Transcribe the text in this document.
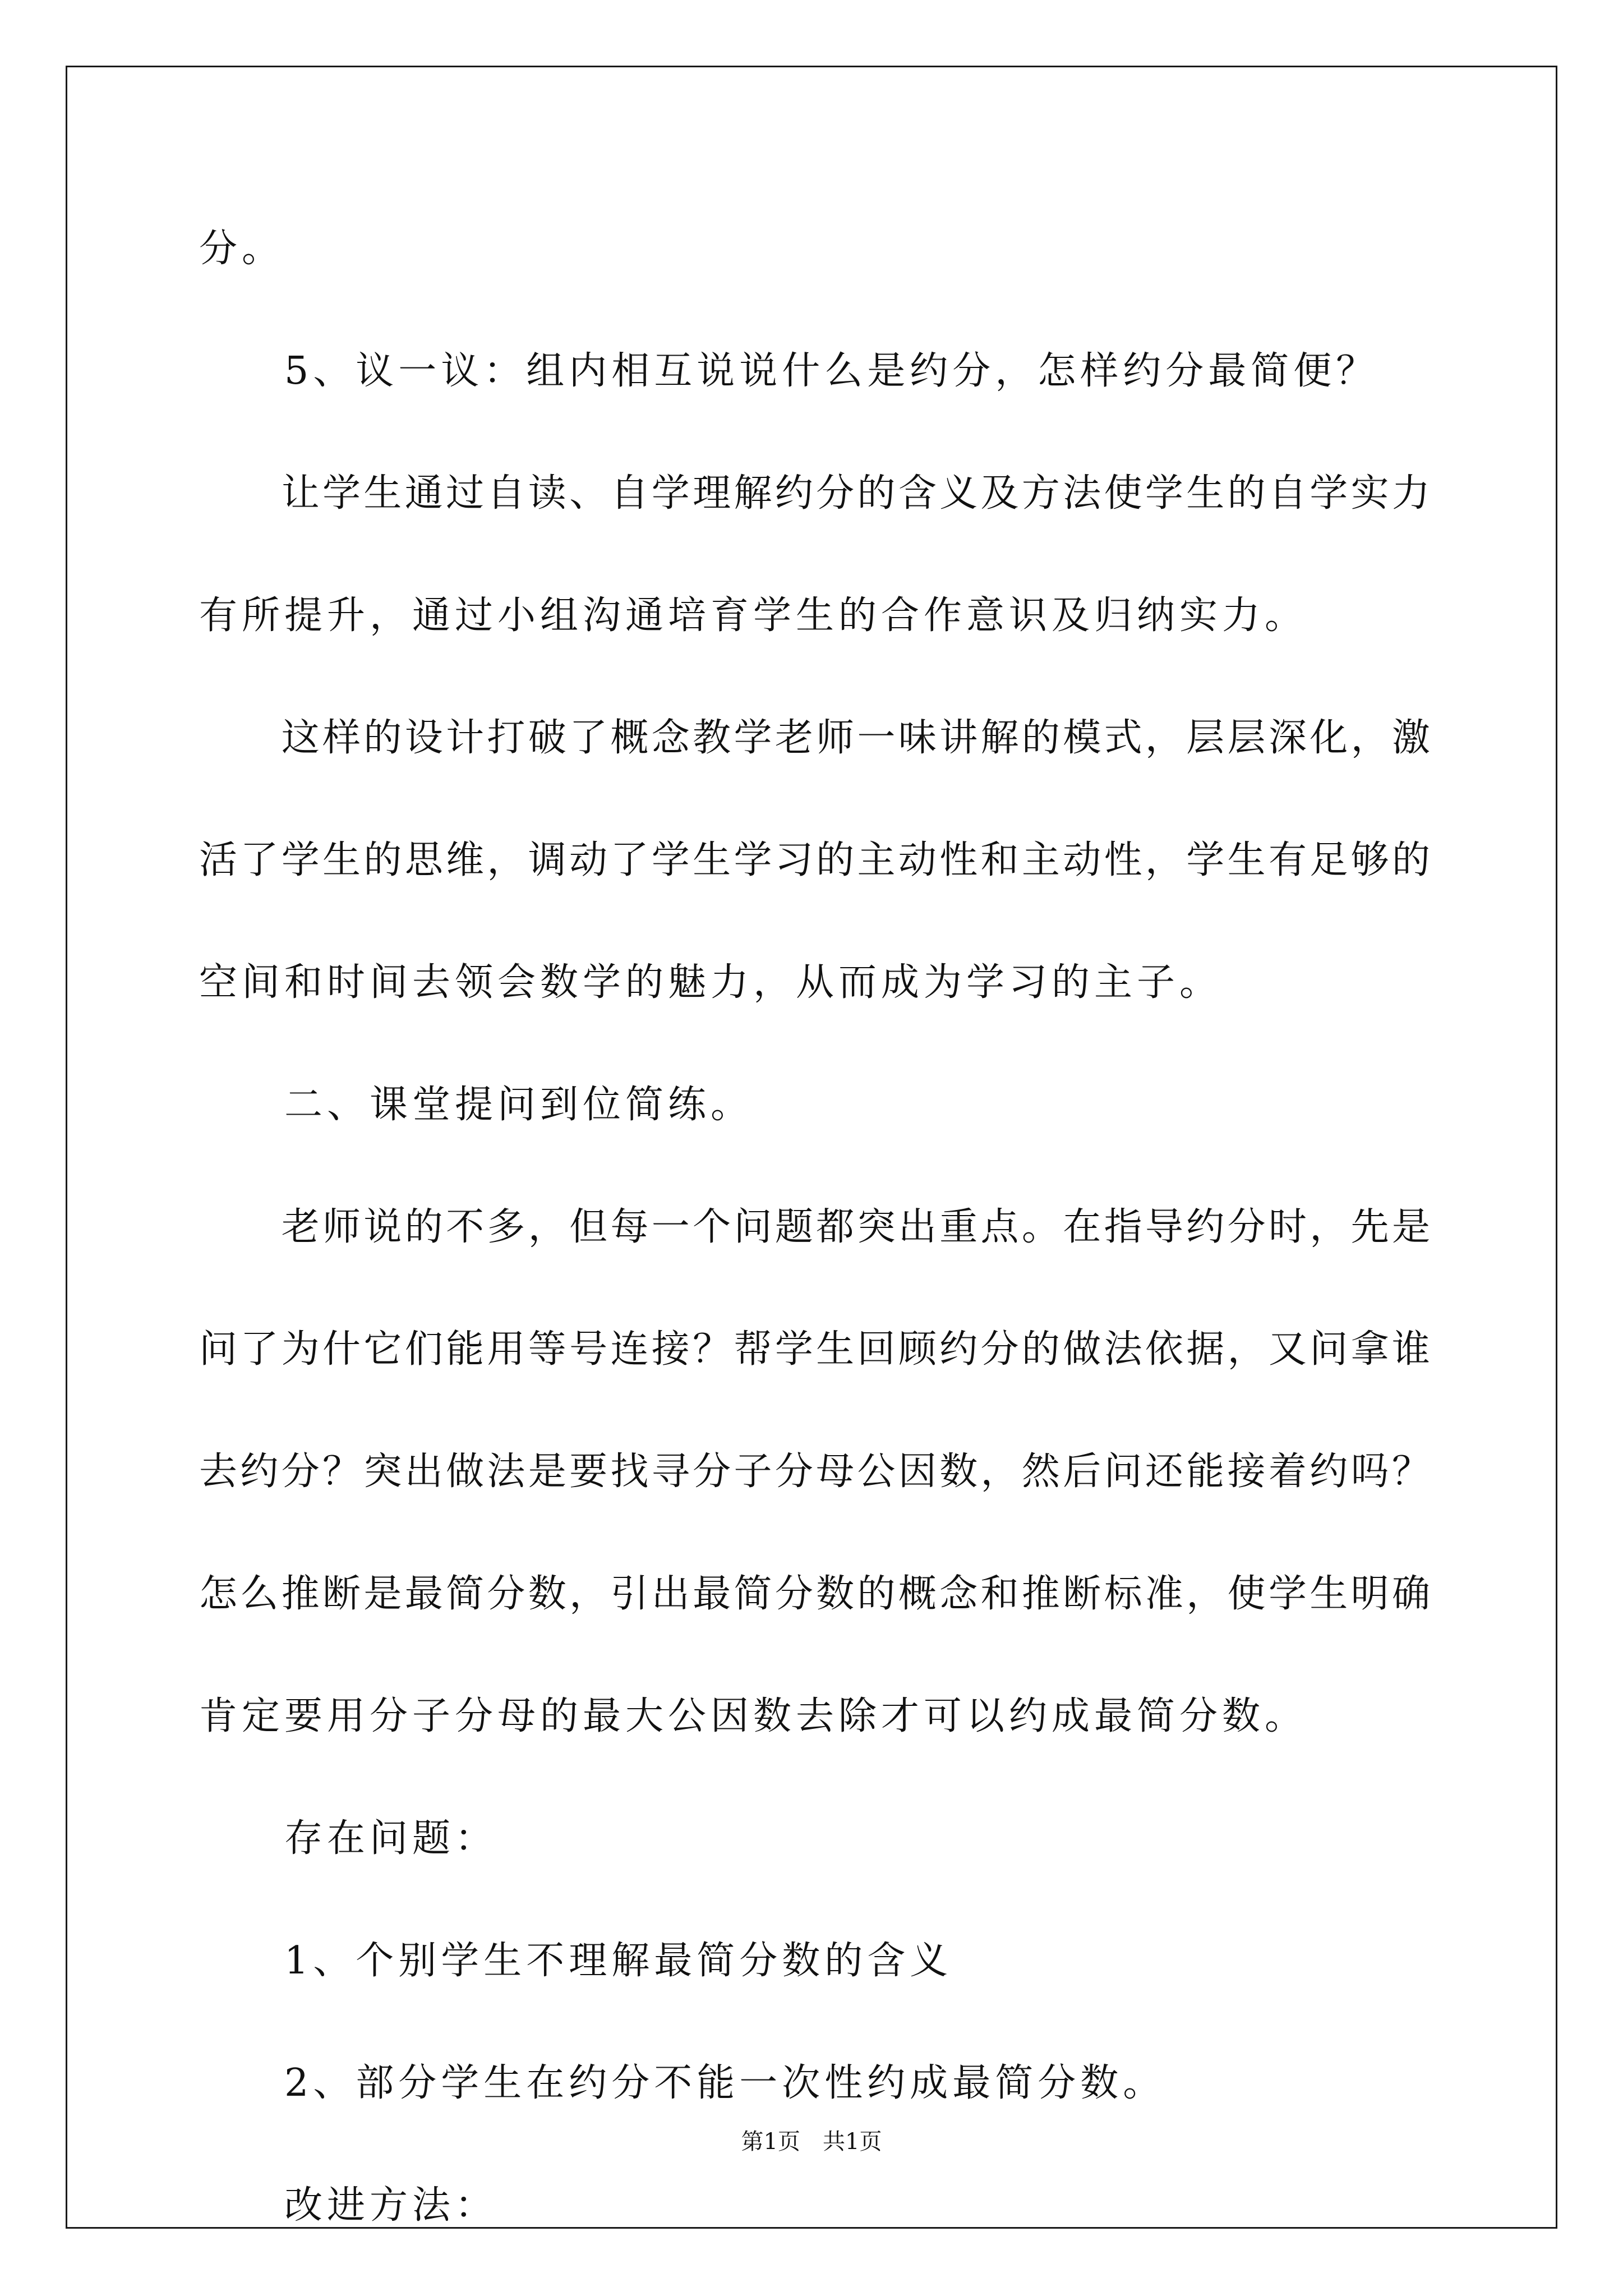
分。
　　5、议一议：组内相互说说什么是约分，怎样约分最简便？
　　让学生通过自读、自学理解约分的含义及方法使学生的自学实力
有所提升，通过小组沟通培育学生的合作意识及归纳实力。
　　这样的设计打破了概念教学老师一味讲解的模式，层层深化，激
活了学生的思维，调动了学生学习的主动性和主动性，学生有足够的
空间和时间去领会数学的魅力，从而成为学习的主子。
　　二、课堂提问到位简练。
　　老师说的不多，但每一个问题都突出重点。在指导约分时，先是
问了为什它们能用等号连接？帮学生回顾约分的做法依据，又问拿谁
去约分？突出做法是要找寻分子分母公因数，然后问还能接着约吗？
怎么推断是最简分数，引出最简分数的概念和推断标准，使学生明确
肯定要用分子分母的最大公因数去除才可以约成最简分数。
　　存在问题：
　　1、个别学生不理解最简分数的含义
　　2、部分学生在约分不能一次性约成最简分数。
　　改进方法：
第1页　共1页
